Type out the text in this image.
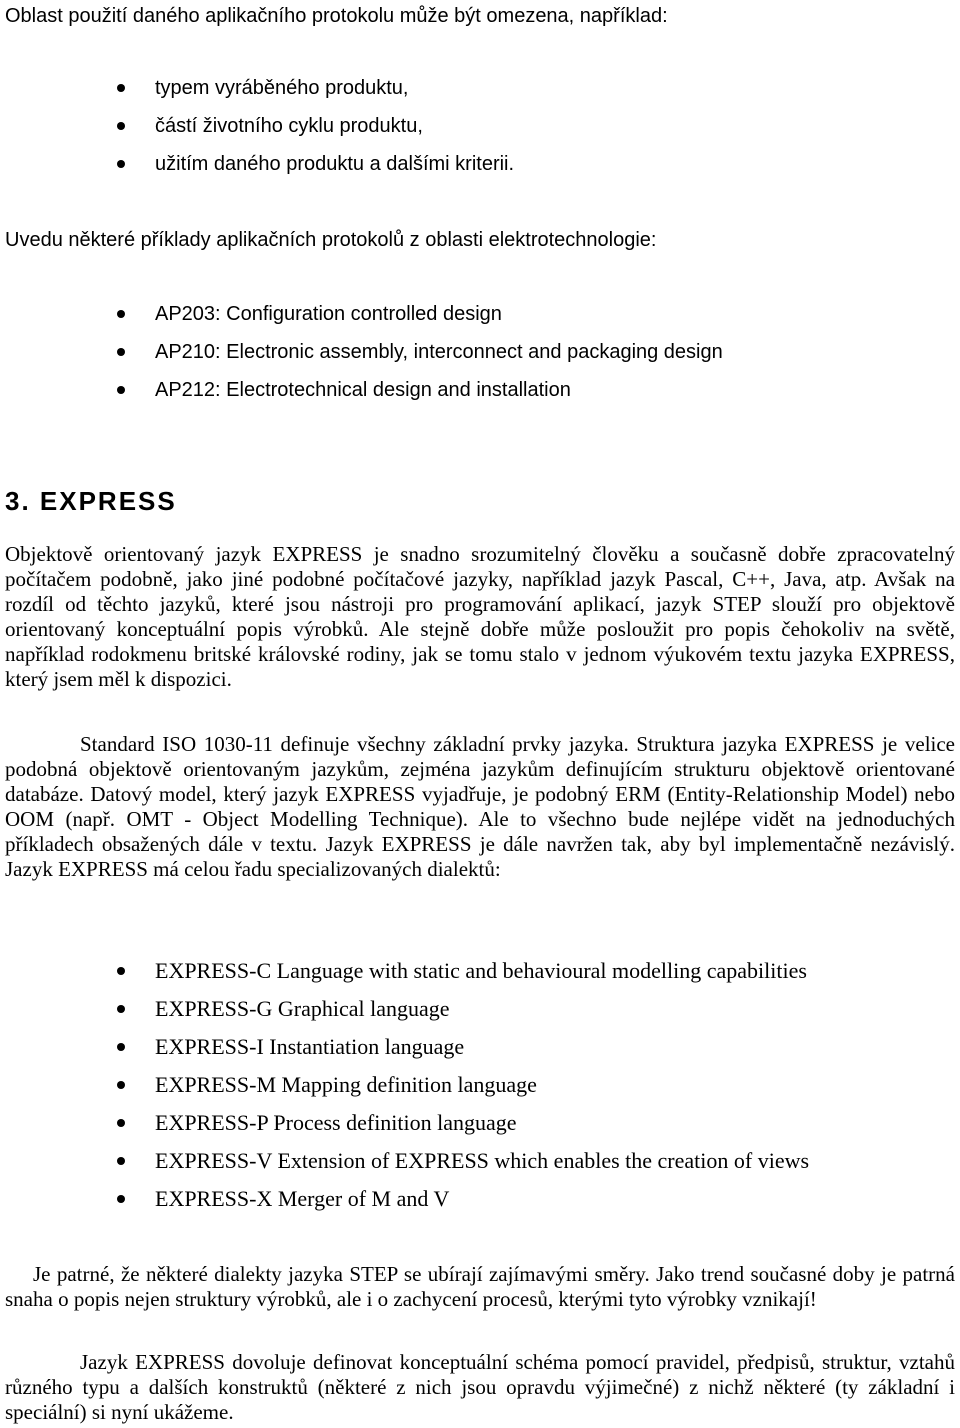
Oblast použití daného aplikačního protokolu může být omezena, například:

typem vyráběného produktu,
částí životního cyklu produktu,
užitím daného produktu a dalšími kriterii.

Uvedu některé příklady aplikačních protokolů z oblasti elektrotechnologie:

AP203: Configuration controlled design
AP210: Electronic assembly, interconnect and packaging design
AP212: Electrotechnical design and installation
3. EXPRESS

Objektově orientovaný jazyk EXPRESS je snadno srozumitelný člověku a současně dobře zpracovatelný počítačem podobně, jako jiné podobné počítačové jazyky, například jazyk Pascal, C++, Java, atp. Avšak na rozdíl od těchto jazyků, které jsou nástroji pro programování aplikací, jazyk STEP slouží pro objektově orientovaný konceptuální popis výrobků. Ale stejně dobře může posloužit pro popis čehokoliv na světě, například rodokmenu britské královské rodiny, jak se tomu stalo v jednom výukovém textu jazyka EXPRESS, který jsem měl k dispozici.

Standard ISO 1030-11 definuje všechny základní prvky jazyka. Struktura jazyka EXPRESS je velice podobná objektově orientovaným jazykům, zejména jazykům definujícím strukturu objektově orientované databáze. Datový model, který jazyk EXPRESS vyjadřuje, je podobný ERM (Entity-Relationship Model) nebo OOM (např. OMT - Object Modelling Technique). Ale to všechno bude nejlépe vidět na jednoduchých příkladech obsažených dále v textu. Jazyk EXPRESS je dále navržen tak, aby byl implementačně nezávislý. Jazyk EXPRESS má celou řadu specializovaných dialektů:

EXPRESS-C Language with static and behavioural modelling capabilities
EXPRESS-G Graphical language
EXPRESS-I Instantiation language
EXPRESS-M Mapping definition language
EXPRESS-P Process definition language
EXPRESS-V Extension of EXPRESS which enables the creation of views
EXPRESS-X Merger of M and V

Je patrné, že některé dialekty jazyka STEP se ubírají zajímavými směry. Jako trend současné doby je patrná snaha o popis nejen struktury výrobků, ale i o zachycení procesů, kterými tyto výrobky vznikají!

Jazyk EXPRESS dovoluje definovat konceptuální schéma pomocí pravidel, předpisů, struktur, vztahů různého typu a dalších konstruktů (některé z nich jsou opravdu výjimečné) z nichž některé (ty základní i speciální) si nyní ukážeme.
